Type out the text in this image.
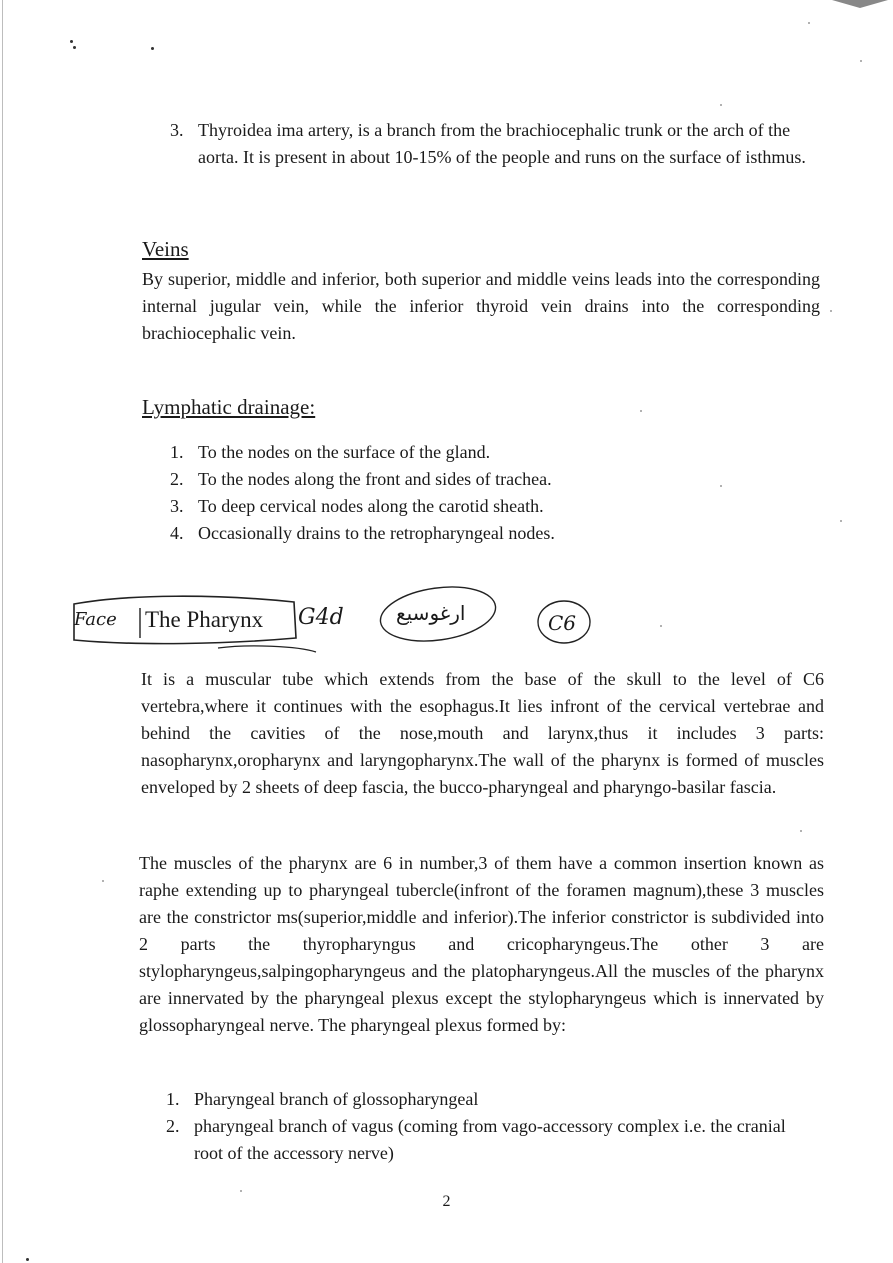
3. Thyroidea ima artery, is a branch from the brachiocephalic trunk or the arch of the aorta. It is present in about 10-15% of the people and runs on the surface of isthmus.
Veins

By superior, middle and inferior, both superior and middle veins leads into the corresponding internal jugular vein, while the inferior thyroid vein drains into the corresponding brachiocephalic vein.

Lymphatic drainage:
1. To the nodes on the surface of the gland.
2. To the nodes along the front and sides of trachea.
3. To deep cervical nodes along the carotid sheath.
4. Occasionally drains to the retropharyngeal nodes.
Face The Pharynx G4d	ارغوسيع	C6

It is a muscular tube which extends from the base of the skull to the level of C6 vertebra,where it continues with the esophagus.It lies infront of the cervical vertebrae and behind the cavities of the nose,mouth and larynx,thus it includes 3 parts: nasopharynx,oropharynx and laryngopharynx.The wall of the pharynx is formed of muscles enveloped by 2 sheets of deep fascia, the bucco-pharyngeal and pharyngo-basilar fascia.

The muscles of the pharynx are 6 in number,3 of them have a common insertion known as raphe extending up to pharyngeal tubercle(infront of the foramen magnum),these 3 muscles are the constrictor ms(superior,middle and inferior).The inferior constrictor is subdivided into 2 parts the thyropharyngus and cricopharyngeus.The other 3 are stylopharyngeus,salpingopharyngeus and the platopharyngeus.All the muscles of the pharynx are innervated by the pharyngeal plexus except the stylopharyngeus which is innervated by glossopharyngeal nerve. The pharyngeal plexus formed by:

1. Pharyngeal branch of glossopharyngeal
2. pharyngeal branch of vagus (coming from vago-accessory complex i.e. the cranial root of the accessory nerve)
2
